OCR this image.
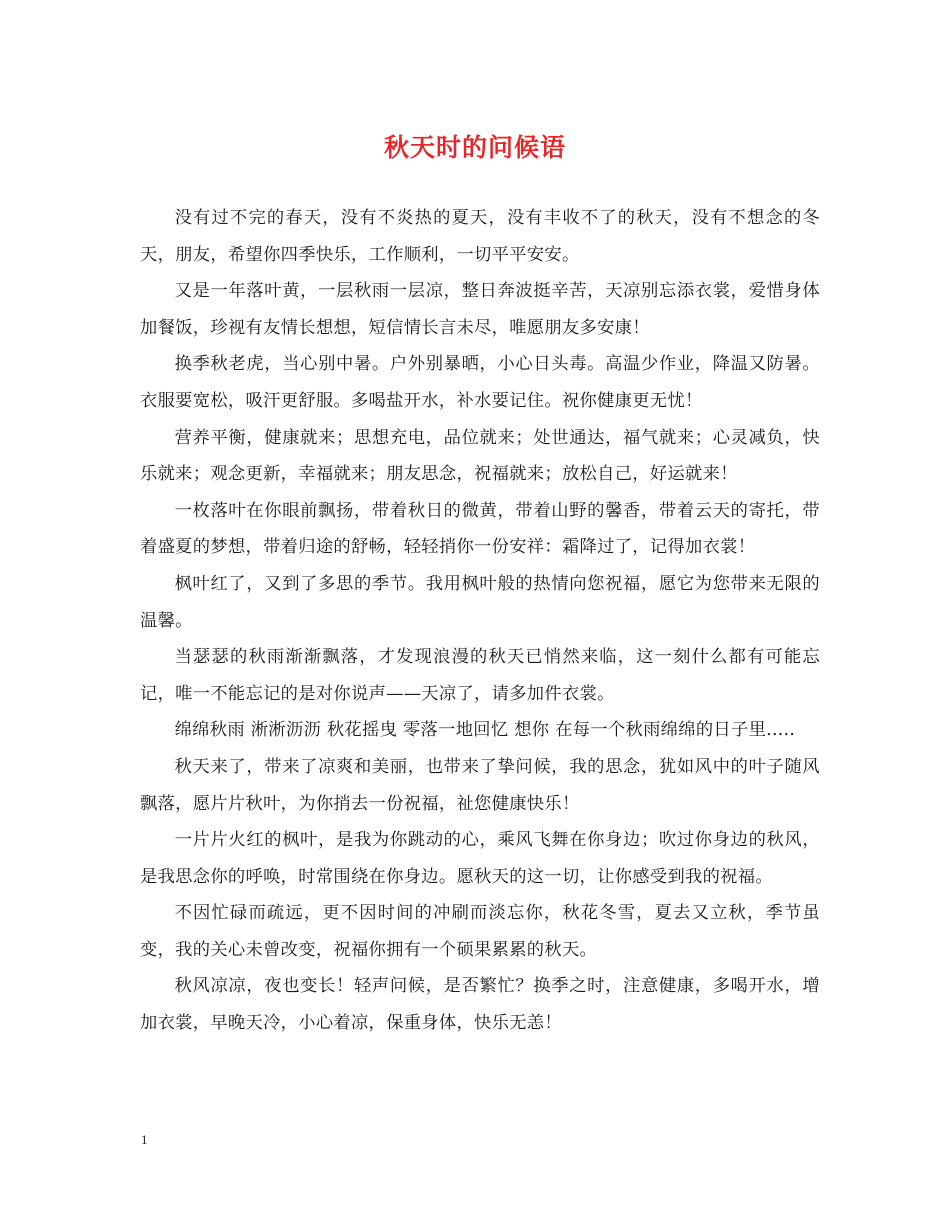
秋天时的问候语

没有过不完的春天，没有不炎热的夏天，没有丰收不了的秋天，没有不想念的冬天，朋友，希望你四季快乐，工作顺利，一切平平安安。

又是一年落叶黄，一层秋雨一层凉，整日奔波挺辛苦，天凉别忘添衣裳，爱惜身体加餐饭，珍视有友情长想想，短信情长言未尽，唯愿朋友多安康！

换季秋老虎，当心别中暑。户外别暴晒，小心日头毒。高温少作业，降温又防暑。衣服要宽松，吸汗更舒服。多喝盐开水，补水要记住。祝你健康更无忧！

营养平衡，健康就来；思想充电，品位就来；处世通达，福气就来；心灵减负，快乐就来；观念更新，幸福就来；朋友思念，祝福就来；放松自己，好运就来！

一枚落叶在你眼前飘扬，带着秋日的微黄，带着山野的馨香，带着云天的寄托，带着盛夏的梦想，带着归途的舒畅，轻轻捎你一份安祥：霜降过了，记得加衣裳！

枫叶红了，又到了多思的季节。我用枫叶般的热情向您祝福，愿它为您带来无限的温馨。

当瑟瑟的秋雨渐渐飘落，才发现浪漫的秋天已悄然来临，这一刻什么都有可能忘记，唯一不能忘记的是对你说声——天凉了，请多加件衣裳。

绵绵秋雨 淅淅沥沥 秋花摇曳 零落一地回忆 想你 在每一个秋雨绵绵的日子里.....

秋天来了，带来了凉爽和美丽，也带来了挚问候，我的思念，犹如风中的叶子随风飘落，愿片片秋叶，为你捎去一份祝福，祉您健康快乐！

一片片火红的枫叶，是我为你跳动的心，乘风飞舞在你身边；吹过你身边的秋风，是我思念你的呼唤，时常围绕在你身边。愿秋天的这一切，让你感受到我的祝福。

不因忙碌而疏远，更不因时间的冲刷而淡忘你，秋花冬雪，夏去又立秋，季节虽变，我的关心未曾改变，祝福你拥有一个硕果累累的秋天。

秋风凉凉，夜也变长！轻声问候，是否繁忙？换季之时，注意健康，多喝开水，增加衣裳，早晚天冷，小心着凉，保重身体，快乐无恙！

1
